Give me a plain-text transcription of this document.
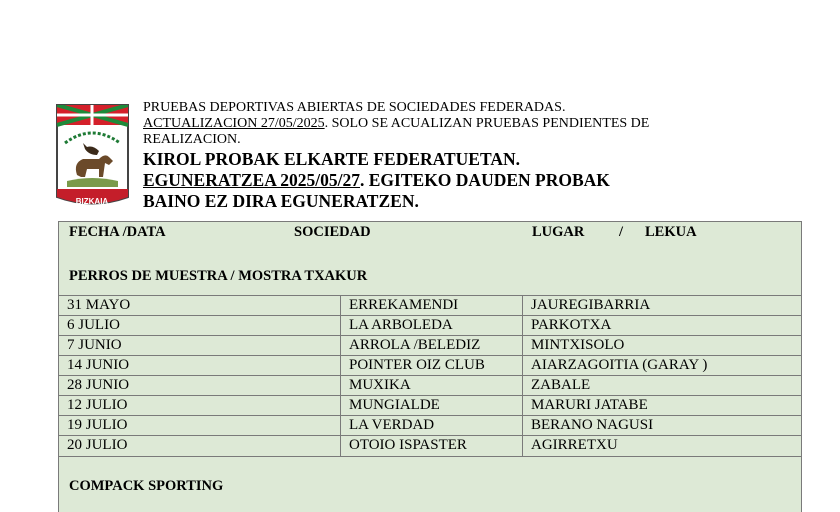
BIZKAIA
PRUEBAS DEPORTIVAS ABIERTAS DE SOCIEDADES FEDERADAS.
ACTUALIZACION 27/05/2025. SOLO SE ACUALIZAN PRUEBAS PENDIENTES DE
REALIZACION.
KIROL PROBAK ELKARTE FEDERATUETAN.
EGUNERATZEA 2025/05/27. EGITEKO DAUDEN PROBAK
BAINO EZ DIRA EGUNERATZEN.
FECHA /DATA	SOCIEDAD	LUGAR / LEKUA
PERROS DE MUESTRA / MOSTRA TXAKUR
31 MAYO	ERREKAMENDI	JAUREGIBARRIA
6 JULIO	LA ARBOLEDA	PARKOTXA
7 JUNIO	ARROLA /BELEDIZ	MINTXISOLO
14 JUNIO	POINTER OIZ CLUB	AIARZAGOITIA (GARAY )
28 JUNIO	MUXIKA	ZABALE
12 JULIO	MUNGIALDE	MARURI JATABE
19 JULIO	LA VERDAD	BERANO NAGUSI
20 JULIO	OTOIO ISPASTER	AGIRRETXU
COMPACK SPORTING
